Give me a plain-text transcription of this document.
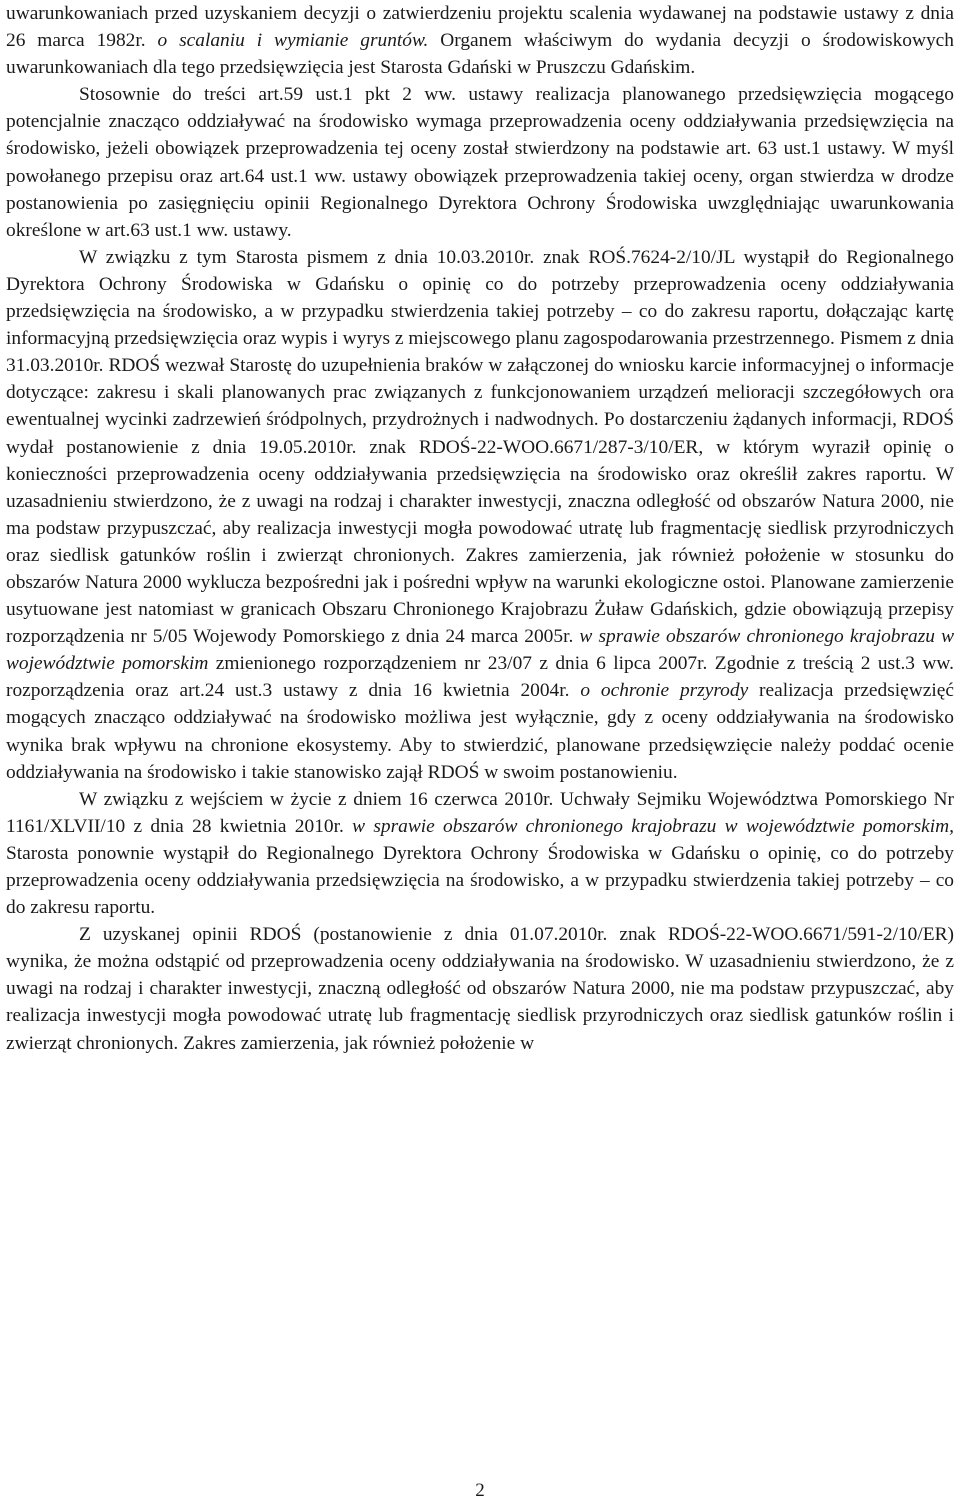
uwarunkowaniach przed uzyskaniem decyzji o zatwierdzeniu projektu scalenia wydawanej na podstawie ustawy z dnia 26 marca 1982r. o scalaniu i wymianie gruntów. Organem właściwym do wydania decyzji o środowiskowych uwarunkowaniach dla tego przedsięwzięcia jest Starosta Gdański w Pruszczu Gdańskim.

Stosownie do treści art.59 ust.1 pkt 2 ww. ustawy realizacja planowanego przedsięwzięcia mogącego potencjalnie znacząco oddziaływać na środowisko wymaga przeprowadzenia oceny oddziaływania przedsięwzięcia na środowisko, jeżeli obowiązek przeprowadzenia tej oceny został stwierdzony na podstawie art. 63 ust.1 ustawy. W myśl powołanego przepisu oraz art.64 ust.1 ww. ustawy obowiązek przeprowadzenia takiej oceny, organ stwierdza w drodze postanowienia po zasięgnięciu opinii Regionalnego Dyrektora Ochrony Środowiska uwzględniając uwarunkowania określone w art.63 ust.1 ww. ustawy.

W związku z tym Starosta pismem z dnia 10.03.2010r. znak ROŚ.7624-2/10/JL wystąpił do Regionalnego Dyrektora Ochrony Środowiska w Gdańsku o opinię co do potrzeby przeprowadzenia oceny oddziaływania przedsięwzięcia na środowisko, a w przypadku stwierdzenia takiej potrzeby – co do zakresu raportu, dołączając kartę informacyjną przedsięwzięcia oraz wypis i wyrys z miejscowego planu zagospodarowania przestrzennego. Pismem z dnia 31.03.2010r. RDOŚ wezwał Starostę do uzupełnienia braków w załączonej do wniosku karcie informacyjnej o informacje dotyczące: zakresu i skali planowanych prac związanych z funkcjonowaniem urządzeń melioracji szczegółowych ora ewentualnej wycinki zadrzewień śródpolnych, przydrożnych i nadwodnych. Po dostarczeniu żądanych informacji, RDOŚ wydał postanowienie z dnia 19.05.2010r. znak RDOŚ-22-WOO.6671/287-3/10/ER, w którym wyraził opinię o konieczności przeprowadzenia oceny oddziaływania przedsięwzięcia na środowisko oraz określił zakres raportu. W uzasadnieniu stwierdzono, że z uwagi na rodzaj i charakter inwestycji, znaczna odległość od obszarów Natura 2000, nie ma podstaw przypuszczać, aby realizacja inwestycji mogła powodować utratę lub fragmentację siedlisk przyrodniczych oraz siedlisk gatunków roślin i zwierząt chronionych. Zakres zamierzenia, jak również położenie w stosunku do obszarów Natura 2000 wyklucza bezpośredni jak i pośredni wpływ na warunki ekologiczne ostoi. Planowane zamierzenie usytuowane jest natomiast w granicach Obszaru Chronionego Krajobrazu Żuław Gdańskich, gdzie obowiązują przepisy rozporządzenia nr 5/05 Wojewody Pomorskiego z dnia 24 marca 2005r. w sprawie obszarów chronionego krajobrazu w województwie pomorskim zmienionego rozporządzeniem nr 23/07 z dnia 6 lipca 2007r. Zgodnie z treścią 2 ust.3 ww. rozporządzenia oraz art.24 ust.3 ustawy z dnia 16 kwietnia 2004r. o ochronie przyrody realizacja przedsięwzięć mogących znacząco oddziaływać na środowisko możliwa jest wyłącznie, gdy z oceny oddziaływania na środowisko wynika brak wpływu na chronione ekosystemy. Aby to stwierdzić, planowane przedsięwzięcie należy poddać ocenie oddziaływania na środowisko i takie stanowisko zajął RDOŚ w swoim postanowieniu.

W związku z wejściem w życie z dniem 16 czerwca 2010r. Uchwały Sejmiku Województwa Pomorskiego Nr 1161/XLVII/10 z dnia 28 kwietnia 2010r. w sprawie obszarów chronionego krajobrazu w województwie pomorskim, Starosta ponownie wystąpił do Regionalnego Dyrektora Ochrony Środowiska w Gdańsku o opinię, co do potrzeby przeprowadzenia oceny oddziaływania przedsięwzięcia na środowisko, a w przypadku stwierdzenia takiej potrzeby – co do zakresu raportu.

Z uzyskanej opinii RDOŚ (postanowienie z dnia 01.07.2010r. znak RDOŚ-22-WOO.6671/591-2/10/ER) wynika, że można odstąpić od przeprowadzenia oceny oddziaływania na środowisko. W uzasadnieniu stwierdzono, że z uwagi na rodzaj i charakter inwestycji, znaczną odległość od obszarów Natura 2000, nie ma podstaw przypuszczać, aby realizacja inwestycji mogła powodować utratę lub fragmentację siedlisk przyrodniczych oraz siedlisk gatunków roślin i zwierząt chronionych. Zakres zamierzenia, jak również położenie w

2
